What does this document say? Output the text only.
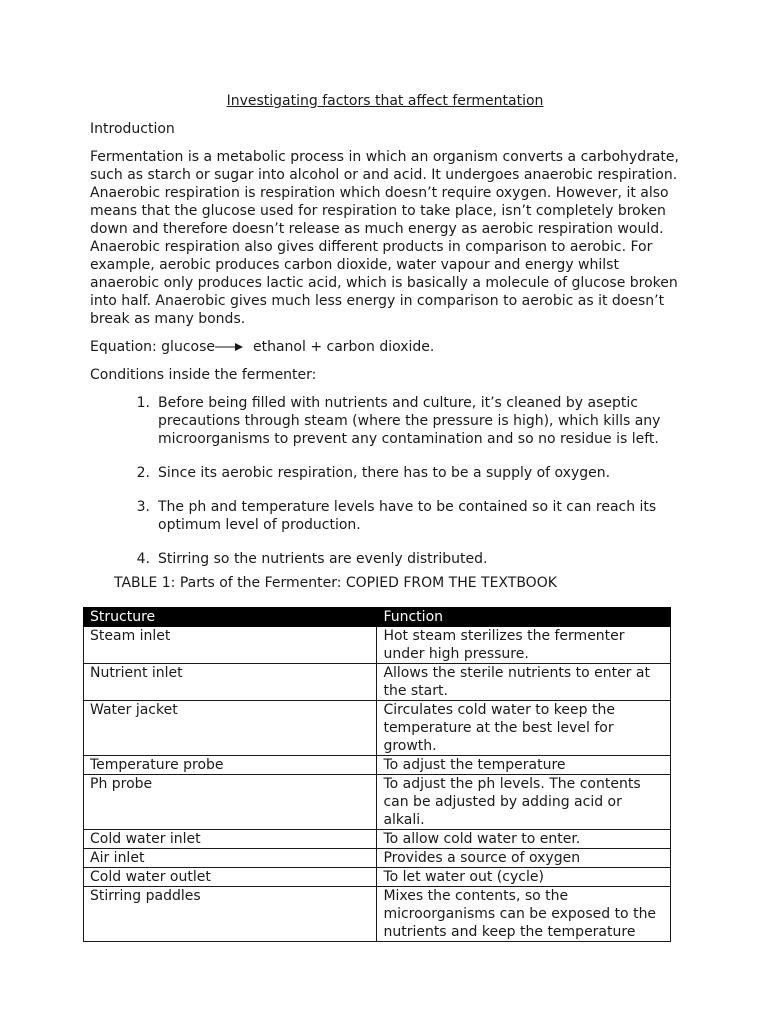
Investigating factors that affect fermentation

Introduction

Fermentation is a metabolic process in which an organism converts a carbohydrate, such as starch or sugar into alcohol or and acid. It undergoes anaerobic respiration. Anaerobic respiration is respiration which doesn’t require oxygen. However, it also means that the glucose used for respiration to take place, isn’t completely broken down and therefore doesn’t release as much energy as aerobic respiration would. Anaerobic respiration also gives different products in comparison to aerobic. For example, aerobic produces carbon dioxide, water vapour and energy whilst anaerobic only produces lactic acid, which is basically a molecule of glucose broken into half. Anaerobic gives much less energy in comparison to aerobic as it doesn’t break as many bonds.

Equation: glucose	ethanol + carbon dioxide.

Conditions inside the fermenter:

1. Before being filled with nutrients and culture, it’s cleaned by aseptic precautions through steam (where the pressure is high), which kills any microorganisms to prevent any contamination and so no residue is left.
2. Since its aerobic respiration, there has to be a supply of oxygen.
3. The ph and temperature levels have to be contained so it can reach its optimum level of production.
4. Stirring so the nutrients are evenly distributed.

TABLE 1: Parts of the Fermenter: COPIED FROM THE TEXTBOOK

Structure	Function
Steam inlet	Hot steam sterilizes the fermenter under high pressure.
Nutrient inlet	Allows the sterile nutrients to enter at the start.
Water jacket	Circulates cold water to keep the temperature at the best level for growth.
Temperature probe	To adjust the temperature
Ph probe	To adjust the ph levels. The contents can be adjusted by adding acid or alkali.
Cold water inlet	To allow cold water to enter.
Air inlet	Provides a source of oxygen
Cold water outlet	To let water out (cycle)
Stirring paddles	Mixes the contents, so the microorganisms can be exposed to the nutrients and keep the temperature
